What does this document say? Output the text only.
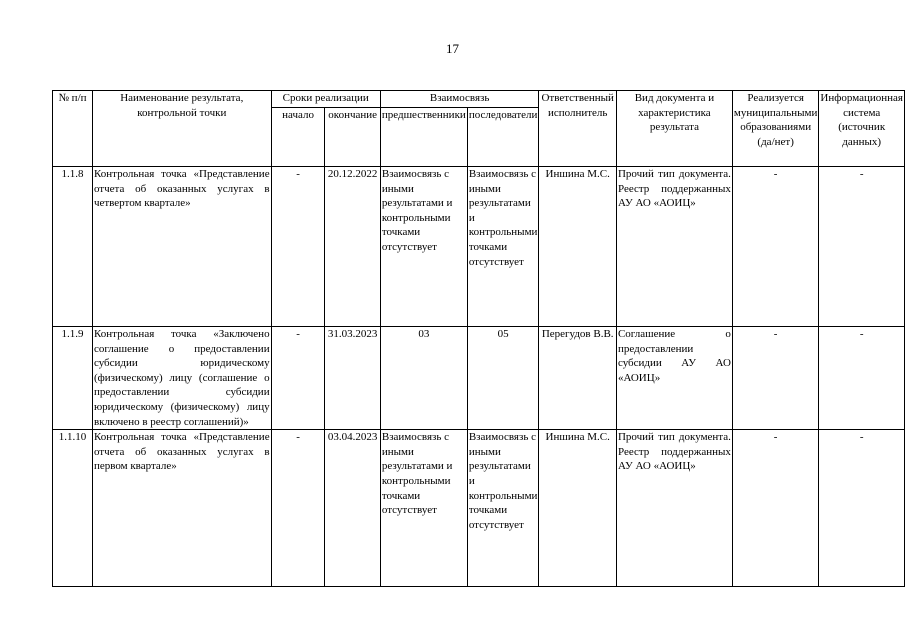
17
№ п/п	Наименование результата, контрольной точки	Сроки реализации		Взаимосвязь		Ответственный исполнитель	Вид документа и характеристика результата	Реализуется муниципальными образованиями (да/нет)	Информационная система (источник данных)
		начало	окончание	предшественники	последователи				
1.1.8	Контрольная точка «Представление отчета об оказанных услугах в четвертом квартале»	-	20.12.2022	Взаимосвязь с иными результатами и контрольными точками отсутствует	Взаимосвязь с иными результатами и контрольными точками отсутствует	Иншина М.С.	Прочий тип документа. Реестр поддержанных АУ АО «АОИЦ»	-	-
1.1.9	Контрольная точка «Заключено соглашение о предоставлении субсидии юридическому (физическому) лицу (соглашение о предоставлении субсидии юридическому (физическому) лицу включено в реестр соглашений)»	-	31.03.2023	03	05	Перегудов В.В.	Соглашение о предоставлении субсидии АУ АО «АОИЦ»	-	-
1.1.10	Контрольная точка «Представление отчета об оказанных услугах в первом квартале»	-	03.04.2023	Взаимосвязь с иными результатами и контрольными точками отсутствует	Взаимосвязь с иными результатами и контрольными точками отсутствует	Иншина М.С.	Прочий тип документа. Реестр поддержанных АУ АО «АОИЦ»	-	-
